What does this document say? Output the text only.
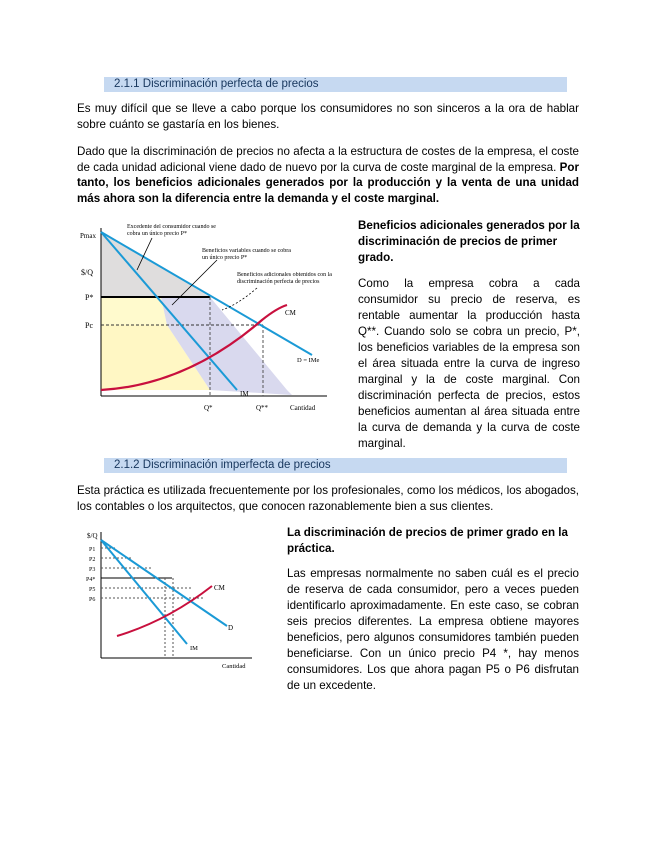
2.1.1 Discriminación perfecta de precios

Es muy difícil que se lleve a cabo porque los consumidores no son sinceros a la ora de hablar sobre cuánto se gastaría en los bienes.

Dado que la discriminación de precios no afecta a la estructura de costes de la empresa, el coste de cada unidad adicional viene dado de nuevo por la curva de coste marginal de la empresa. Por tanto, los beneficios adicionales generados por la producción y la venta de una unidad más ahora son la diferencia entre la demanda y el coste marginal.

Pmax
$/Q
P*
Pc
Q*	Q**	Cantidad
CM
D = IMe
IM
Excedente del consumidor cuando se cobra un único precio P*
Beneficios variables cuando se cobra un único precio P*
Beneficios adicionales obtenidos con la discriminación perfecta de precios

Beneficios adicionales generados por la discriminación de precios de primer grado.

Como la empresa cobra a cada consumidor su precio de reserva, es rentable aumentar la producción hasta Q**. Cuando solo se cobra un precio, P*, los beneficios variables de la empresa son el área situada entre la curva de ingreso marginal y la de coste marginal. Con discriminación perfecta de precios, estos beneficios aumentan al área situada entre la curva de demanda y la curva de coste marginal.

2.1.2 Discriminación imperfecta de precios

Esta práctica es utilizada frecuentemente por los profesionales, como los médicos, los abogados, los contables o los arquitectos, que conocen razonablemente bien a sus clientes.

$/Q
P1
P2
P3
P4*
P5
P6
Cantidad
CM
D
IM

La discriminación de precios de primer grado en la práctica.

Las empresas normalmente no saben cuál es el precio de reserva de cada consumidor, pero a veces pueden identificarlo aproximadamente. En este caso, se cobran seis precios diferentes. La empresa obtiene mayores beneficios, pero algunos consumidores también pueden beneficiarse. Con un único precio P4 *, hay menos consumidores. Los que ahora pagan P5 o P6 disfrutan de un excedente.
